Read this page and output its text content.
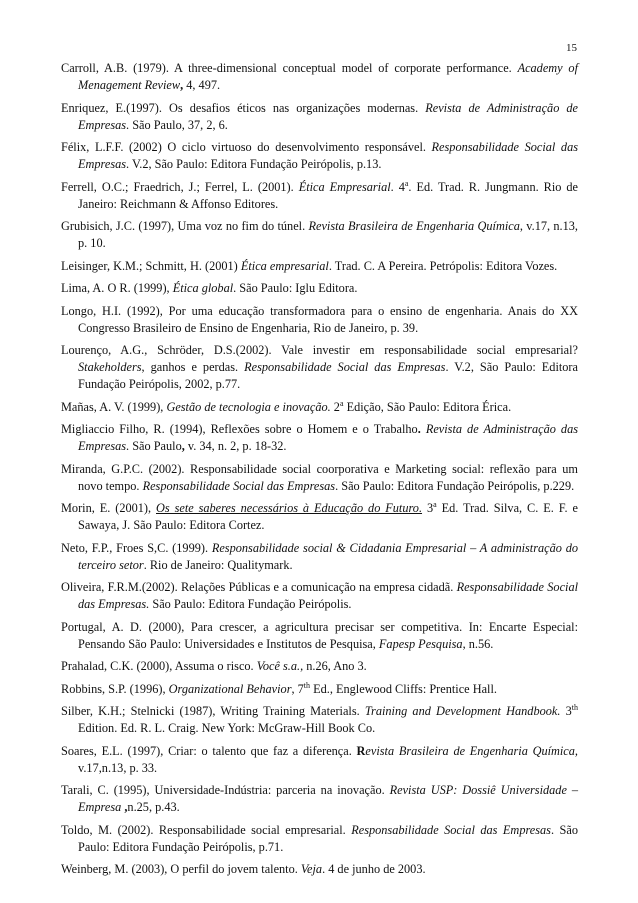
15

Carroll, A.B. (1979). A three-dimensional conceptual model of corporate performance. Academy of Menagement Review, 4, 497.

Enriquez, E.(1997). Os desafios éticos nas organizações modernas. Revista de Administração de Empresas. São Paulo, 37, 2, 6.

Félix, L.F.F. (2002) O ciclo virtuoso do desenvolvimento responsável. Responsabilidade Social das Empresas. V.2, São Paulo: Editora Fundação Peirópolis, p.13.

Ferrell, O.C.; Fraedrich, J.; Ferrel, L. (2001). Ética Empresarial. 4$^a$. Ed. Trad. R. Jungmann. Rio de Janeiro: Reichmann & Affonso Editores.

Grubisich, J.C. (1997), Uma voz no fim do túnel. Revista Brasileira de Engenharia Química, v.17, n.13, p. 10.

Leisinger, K.M.; Schmitt, H. (2001) Ética empresarial. Trad. C. A Pereira. Petrópolis: Editora Vozes.

Lima, A. O R. (1999), Ética global. São Paulo: Iglu Editora.

Longo, H.I. (1992), Por uma educação transformadora para o ensino de engenharia. Anais do XX Congresso Brasileiro de Ensino de Engenharia, Rio de Janeiro, p. 39.

Lourenço, A.G., Schröder, D.S.(2002). Vale investir em responsabilidade social empresarial? Stakeholders, ganhos e perdas. Responsabilidade Social das Empresas. V.2, São Paulo: Editora Fundação Peirópolis, 2002, p.77.

Mañas, A. V. (1999), Gestão de tecnologia e inovação. 2$^a$ Edição, São Paulo: Editora Érica.

Migliaccio Filho, R. (1994), Reflexões sobre o Homem e o Trabalho. Revista de Administração das Empresas. São Paulo, v. 34, n. 2, p. 18-32.

Miranda, G.P.C. (2002). Responsabilidade social coorporativa e Marketing social: reflexão para um novo tempo. Responsabilidade Social das Empresas. São Paulo: Editora Fundação Peirópolis, p.229.

Morin, E. (2001), Os sete saberes necessários à Educação do Futuro. 3$^a$ Ed. Trad. Silva, C. E. F. e Sawaya, J. São Paulo: Editora Cortez.

Neto, F.P., Froes S,C. (1999). Responsabilidade social & Cidadania Empresarial – A administração do terceiro setor. Rio de Janeiro: Qualitymark.

Oliveira, F.R.M.(2002). Relações Públicas e a comunicação na empresa cidadã. Responsabilidade Social das Empresas. São Paulo: Editora Fundação Peirópolis.

Portugal, A. D. (2000), Para crescer, a agricultura precisar ser competitiva. In: Encarte Especial: Pensando São Paulo: Universidades e Institutos de Pesquisa, Fapesp Pesquisa, n.56.

Prahalad, C.K. (2000), Assuma o risco. Você s.a., n.26, Ano 3.

Robbins, S.P. (1996), Organizational Behavior, 7th Ed., Englewood Cliffs: Prentice Hall.

Silber, K.H.; Stelnicki (1987), Writing Training Materials. Training and Development Handbook. 3th Edition. Ed. R. L. Craig. New York: McGraw-Hill Book Co.

Soares, E.L. (1997), Criar: o talento que faz a diferença. Revista Brasileira de Engenharia Química, v.17,n.13, p. 33.

Tarali, C. (1995), Universidade-Indústria: parceria na inovação. Revista USP: Dossiê Universidade – Empresa ,n.25, p.43.

Toldo, M. (2002). Responsabilidade social empresarial. Responsabilidade Social das Empresas. São Paulo: Editora Fundação Peirópolis, p.71.

Weinberg, M. (2003), O perfil do jovem talento. Veja. 4 de junho de 2003.
